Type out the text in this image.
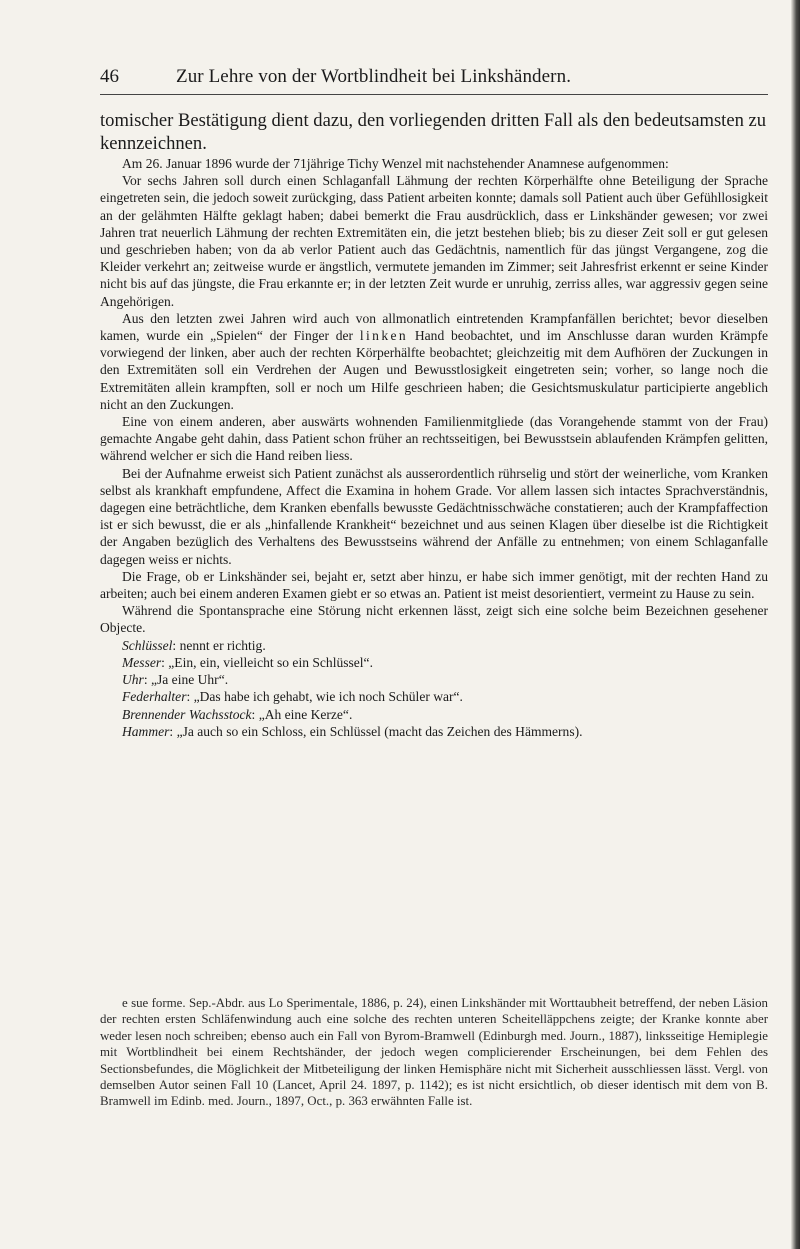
46	Zur Lehre von der Wortblindheit bei Linkshändern.

tomischer Bestätigung dient dazu, den vorliegenden dritten Fall als den bedeutsamsten zu kennzeichnen.

Am 26. Januar 1896 wurde der 71jährige Tichy Wenzel mit nachstehender Anamnese aufgenommen:

Vor sechs Jahren soll durch einen Schlaganfall Lähmung der rechten Körperhälfte ohne Beteiligung der Sprache eingetreten sein, die jedoch soweit zurückging, dass Patient arbeiten konnte; damals soll Patient auch über Gefühllosigkeit an der gelähmten Hälfte geklagt haben; dabei bemerkt die Frau ausdrücklich, dass er Linkshänder gewesen; vor zwei Jahren trat neuerlich Lähmung der rechten Extremitäten ein, die jetzt bestehen blieb; bis zu dieser Zeit soll er gut gelesen und geschrieben haben; von da ab verlor Patient auch das Gedächtnis, namentlich für das jüngst Vergangene, zog die Kleider verkehrt an; zeitweise wurde er ängstlich, vermutete jemanden im Zimmer; seit Jahresfrist erkennt er seine Kinder nicht bis auf das jüngste, die Frau erkannte er; in der letzten Zeit wurde er unruhig, zerriss alles, war aggressiv gegen seine Angehörigen.

Aus den letzten zwei Jahren wird auch von allmonatlich eintretenden Krampfanfällen berichtet; bevor dieselben kamen, wurde ein „Spielen“ der Finger der linken Hand beobachtet, und im Anschlusse daran wurden Krämpfe vorwiegend der linken, aber auch der rechten Körperhälfte beobachtet; gleichzeitig mit dem Aufhören der Zuckungen in den Extremitäten soll ein Verdrehen der Augen und Bewusstlosigkeit eingetreten sein; vorher, so lange noch die Extremitäten allein krampften, soll er noch um Hilfe geschrieen haben; die Gesichtsmuskulatur participierte angeblich nicht an den Zuckungen.

Eine von einem anderen, aber auswärts wohnenden Familienmitgliede (das Vorangehende stammt von der Frau) gemachte Angabe geht dahin, dass Patient schon früher an rechtsseitigen, bei Bewusstsein ablaufenden Krämpfen gelitten, während welcher er sich die Hand reiben liess.

Bei der Aufnahme erweist sich Patient zunächst als ausserordentlich rührselig und stört der weinerliche, vom Kranken selbst als krankhaft empfundene, Affect die Examina in hohem Grade. Vor allem lassen sich intactes Sprachverständnis, dagegen eine beträchtliche, dem Kranken ebenfalls bewusste Gedächtnisschwäche constatieren; auch der Krampfaffection ist er sich bewusst, die er als „hinfallende Krankheit“ bezeichnet und aus seinen Klagen über dieselbe ist die Richtigkeit der Angaben bezüglich des Verhaltens des Bewusstseins während der Anfälle zu entnehmen; von einem Schlaganfalle dagegen weiss er nichts.

Die Frage, ob er Linkshänder sei, bejaht er, setzt aber hinzu, er habe sich immer genötigt, mit der rechten Hand zu arbeiten; auch bei einem anderen Examen giebt er so etwas an. Patient ist meist desorientiert, vermeint zu Hause zu sein.

Während die Spontansprache eine Störung nicht erkennen lässt, zeigt sich eine solche beim Bezeichnen gesehener Objecte.

Schlüssel: nennt er richtig.

Messer: „Ein, ein, vielleicht so ein Schlüssel“.

Uhr: „Ja eine Uhr“.

Federhalter: „Das habe ich gehabt, wie ich noch Schüler war“.

Brennender Wachsstock: „Ah eine Kerze“.

Hammer: „Ja auch so ein Schloss, ein Schlüssel (macht das Zeichen des Hämmerns).

e sue forme. Sep.-Abdr. aus Lo Sperimentale, 1886, p. 24), einen Linkshänder mit Worttaubheit betreffend, der neben Läsion der rechten ersten Schläfenwindung auch eine solche des rechten unteren Scheitelläppchens zeigte; der Kranke konnte aber weder lesen noch schreiben; ebenso auch ein Fall von Byrom-Bramwell (Edinburgh med. Journ., 1887), linksseitige Hemiplegie mit Wortblindheit bei einem Rechtshänder, der jedoch wegen complicierender Erscheinungen, bei dem Fehlen des Sectionsbefundes, die Möglichkeit der Mitbeteiligung der linken Hemisphäre nicht mit Sicherheit ausschliessen lässt. Vergl. von demselben Autor seinen Fall 10 (Lancet, April 24. 1897, p. 1142); es ist nicht ersichtlich, ob dieser identisch mit dem von B. Bramwell im Edinb. med. Journ., 1897, Oct., p. 363 erwähnten Falle ist.
